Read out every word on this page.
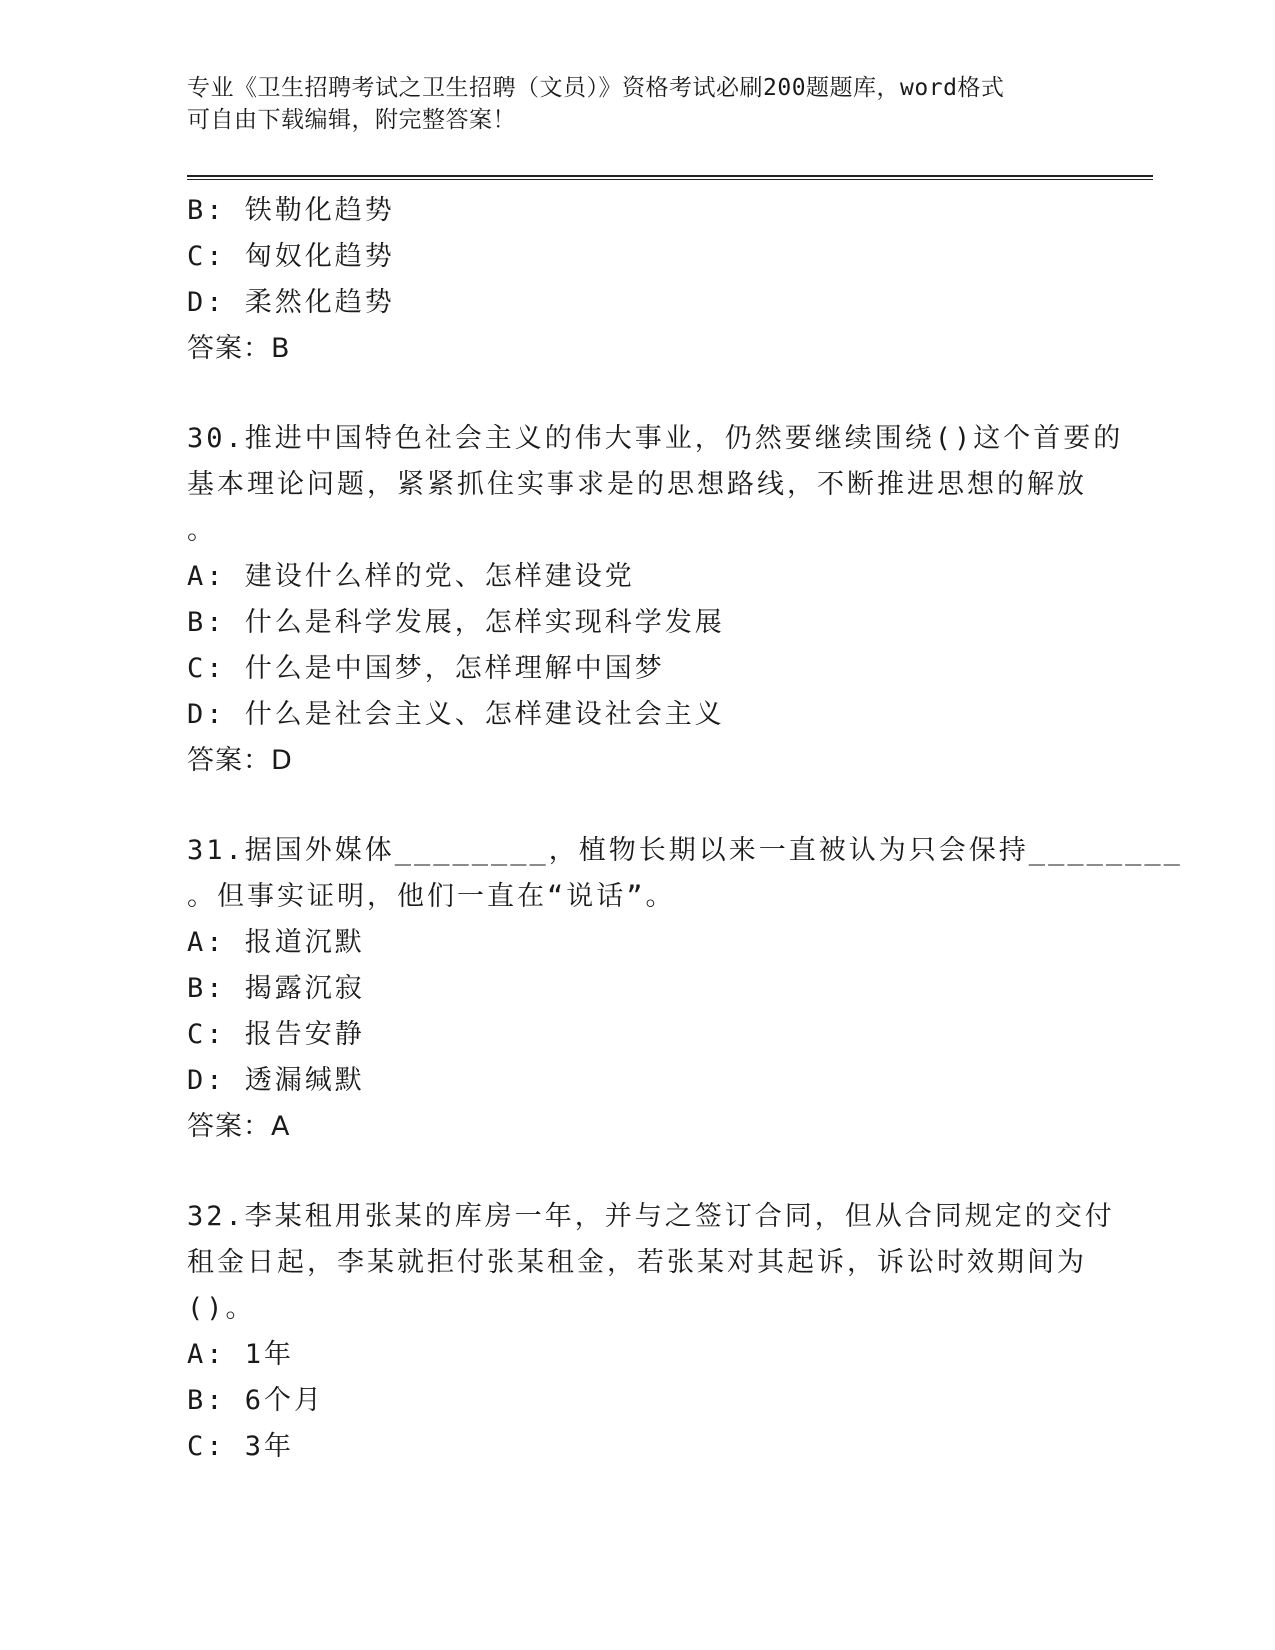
专业《卫生招聘考试之卫生招聘（文员）》资格考试必刷200题题库，word格式
可自由下载编辑，附完整答案！
B: 铁勒化趋势
C: 匈奴化趋势
D: 柔然化趋势
答案：B
30.推进中国特色社会主义的伟大事业，仍然要继续围绕()这个首要的
基本理论问题，紧紧抓住实事求是的思想路线，不断推进思想的解放
。
A: 建设什么样的党、怎样建设党
B: 什么是科学发展，怎样实现科学发展
C: 什么是中国梦，怎样理解中国梦
D: 什么是社会主义、怎样建设社会主义
答案：D
31.据国外媒体________，植物长期以来一直被认为只会保持________
。但事实证明，他们一直在“说话”。
A: 报道沉默
B: 揭露沉寂
C: 报告安静
D: 透漏缄默
答案：A
32.李某租用张某的库房一年，并与之签订合同，但从合同规定的交付
租金日起，李某就拒付张某租金，若张某对其起诉，诉讼时效期间为
()。
A: 1年
B: 6个月
C: 3年
